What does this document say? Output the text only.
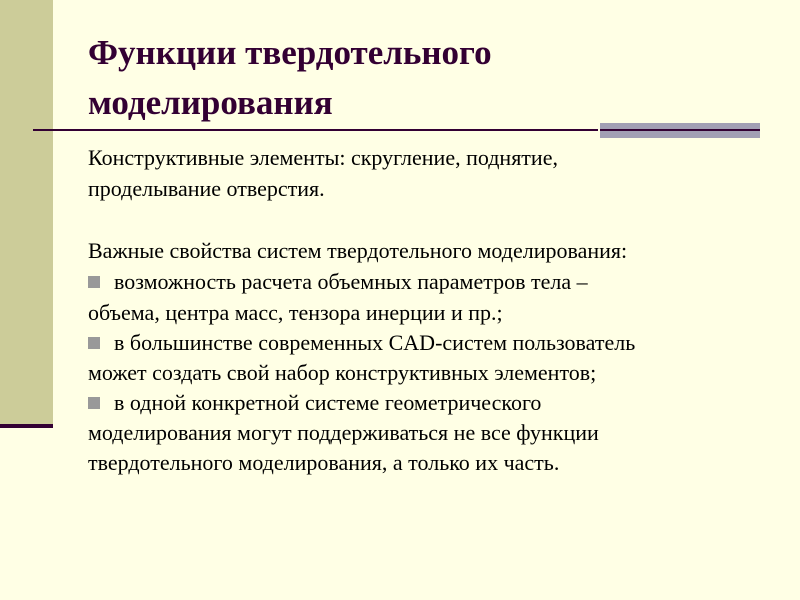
Функции твердотельного
моделирования
Конструктивные элементы: скругление, поднятие,
проделывание отверстия.
Важные свойства систем твердотельного моделирования:
возможность расчета объемных параметров тела –
объема, центра масс, тензора инерции и пр.;
в большинстве современных CAD-систем пользователь
может создать свой набор конструктивных элементов;
в одной конкретной системе геометрического
моделирования могут поддерживаться не все функции
твердотельного моделирования, а только их часть.
